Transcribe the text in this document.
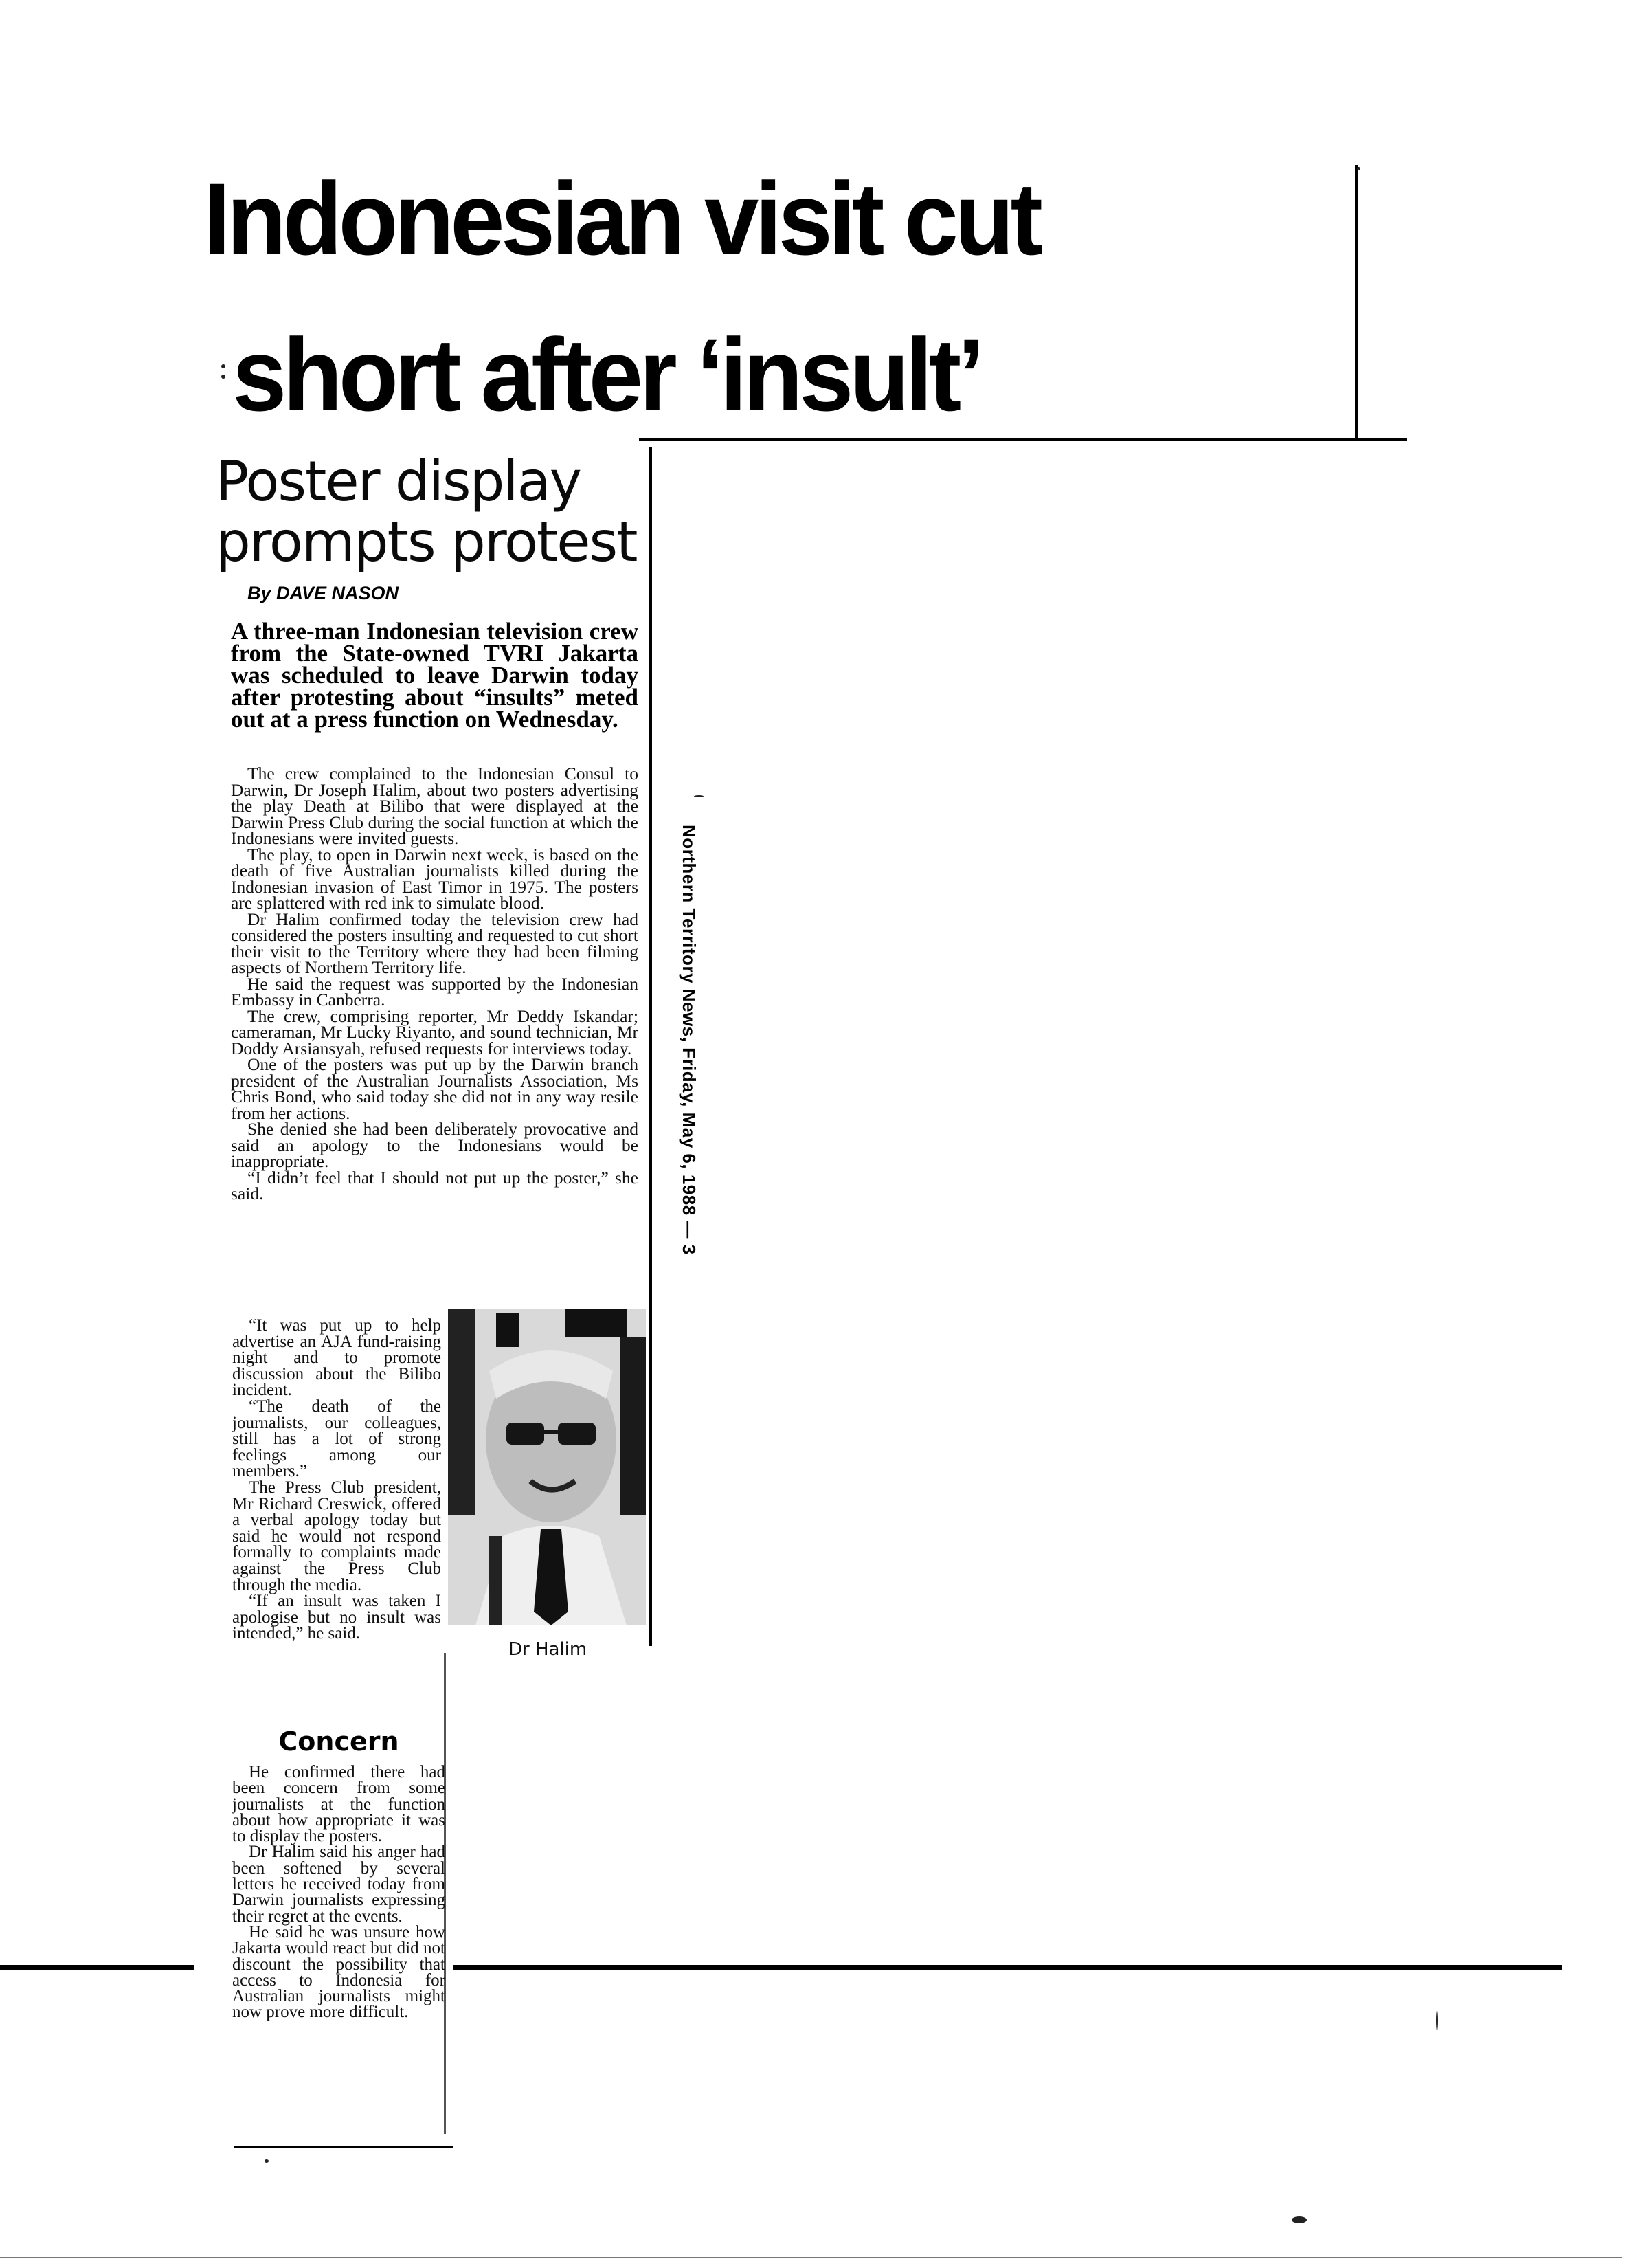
Indonesian visit cut
short after ‘insult’
Poster display
prompts protest
By DAVE NASON
A three-man Indonesian television crew from the State-owned TVRI Jakarta was scheduled to leave Darwin today after protesting about “insults” meted out at a press function on Wednesday.

The crew complained to the Indonesian Consul to Darwin, Dr Joseph Halim, about two posters advertising the play Death at Bilibo that were displayed at the Darwin Press Club during the social function at which the Indonesians were invited guests.

The play, to open in Darwin next week, is based on the death of five Australian journalists killed during the Indonesian invasion of East Timor in 1975. The posters are splattered with red ink to simulate blood.

Dr Halim confirmed today the television crew had considered the posters insulting and requested to cut short their visit to the Territory where they had been filming aspects of Northern Territory life.

He said the request was supported by the Indonesian Embassy in Canberra.

The crew, comprising reporter, Mr Deddy Iskandar; cameraman, Mr Lucky Riyanto, and sound technician, Mr Doddy Arsiansyah, refused requests for interviews today.

One of the posters was put up by the Darwin branch president of the Australian Journalists Association, Ms Chris Bond, who said today she did not in any way resile from her actions.

She denied she had been deliberately provocative and said an apology to the Indonesians would be inappropriate.

“I didn’t feel that I should not put up the poster,” she said.

“It was put up to help advertise an AJA fund-raising night and to promote discussion about the Bilibo incident.

“The death of the journalists, our colleagues, still has a lot of strong feelings among our members.”

The Press Club president, Mr Richard Creswick, offered a verbal apology today but said he would not respond formally to complaints made against the Press Club through the media.

“If an insult was taken I apologise but no insult was intended,” he said.

Dr Halim
Concern

He confirmed there had been concern from some journalists at the function about how appropriate it was to display the posters.

Dr Halim said his anger had been softened by several letters he received today from Darwin journalists expressing their regret at the events.

He said he was unsure how Jakarta would react but did not discount the possibility that access to Indonesia for Australian journalists might now prove more difficult.

Northern Territory News, Friday, May 6, 1988 — 3
